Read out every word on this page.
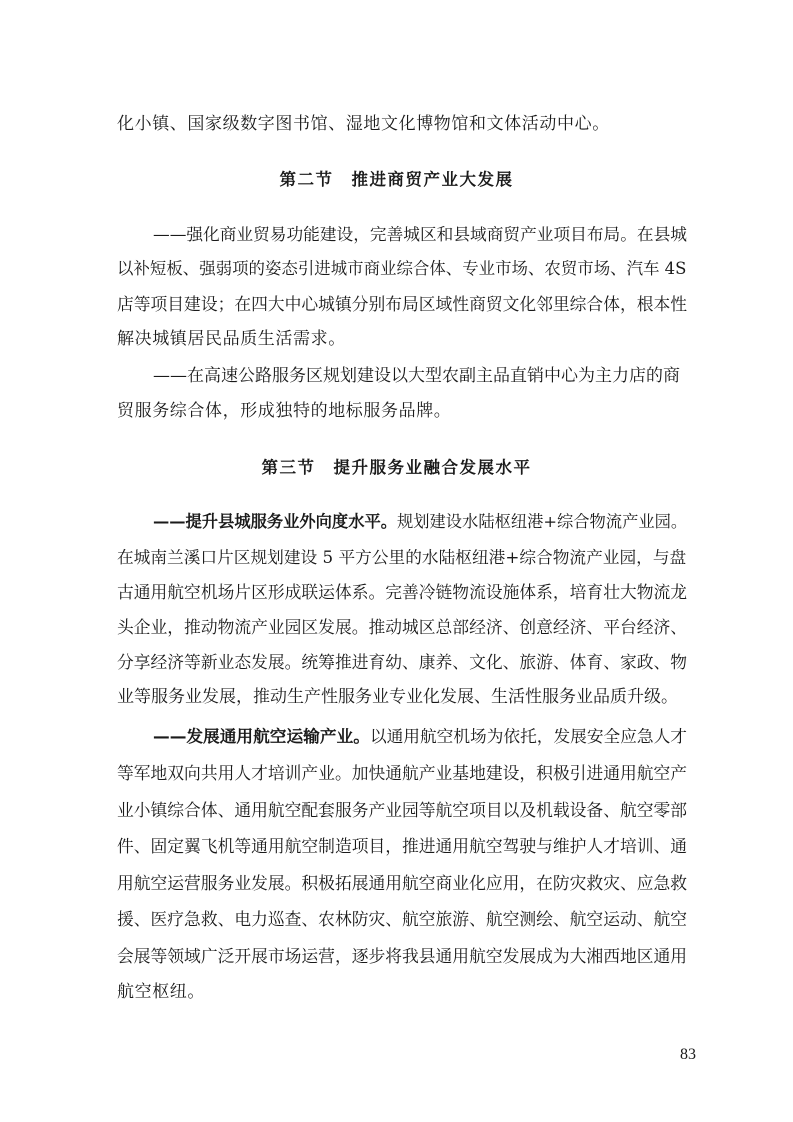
化小镇、国家级数字图书馆、湿地文化博物馆和文体活动中心。
第二节　推进商贸产业大发展
——强化商业贸易功能建设，完善城区和县域商贸产业项目布局。在县城
以补短板、强弱项的姿态引进城市商业综合体、专业市场、农贸市场、汽车 4S
店等项目建设；在四大中心城镇分别布局区域性商贸文化邻里综合体，根本性
解决城镇居民品质生活需求。
——在高速公路服务区规划建设以大型农副主品直销中心为主力店的商
贸服务综合体，形成独特的地标服务品牌。
第三节　提升服务业融合发展水平
——提升县城服务业外向度水平。规划建设水陆枢纽港+综合物流产业园。
在城南兰溪口片区规划建设 5 平方公里的水陆枢纽港+综合物流产业园，与盘
古通用航空机场片区形成联运体系。完善冷链物流设施体系，培育壮大物流龙
头企业，推动物流产业园区发展。推动城区总部经济、创意经济、平台经济、
分享经济等新业态发展。统筹推进育幼、康养、文化、旅游、体育、家政、物
业等服务业发展，推动生产性服务业专业化发展、生活性服务业品质升级。
——发展通用航空运输产业。以通用航空机场为依托，发展安全应急人才
等军地双向共用人才培训产业。加快通航产业基地建设，积极引进通用航空产
业小镇综合体、通用航空配套服务产业园等航空项目以及机载设备、航空零部
件、固定翼飞机等通用航空制造项目，推进通用航空驾驶与维护人才培训、通
用航空运营服务业发展。积极拓展通用航空商业化应用，在防灾救灾、应急救
援、医疗急救、电力巡查、农林防灾、航空旅游、航空测绘、航空运动、航空
会展等领域广泛开展市场运营，逐步将我县通用航空发展成为大湘西地区通用
航空枢纽。
83
